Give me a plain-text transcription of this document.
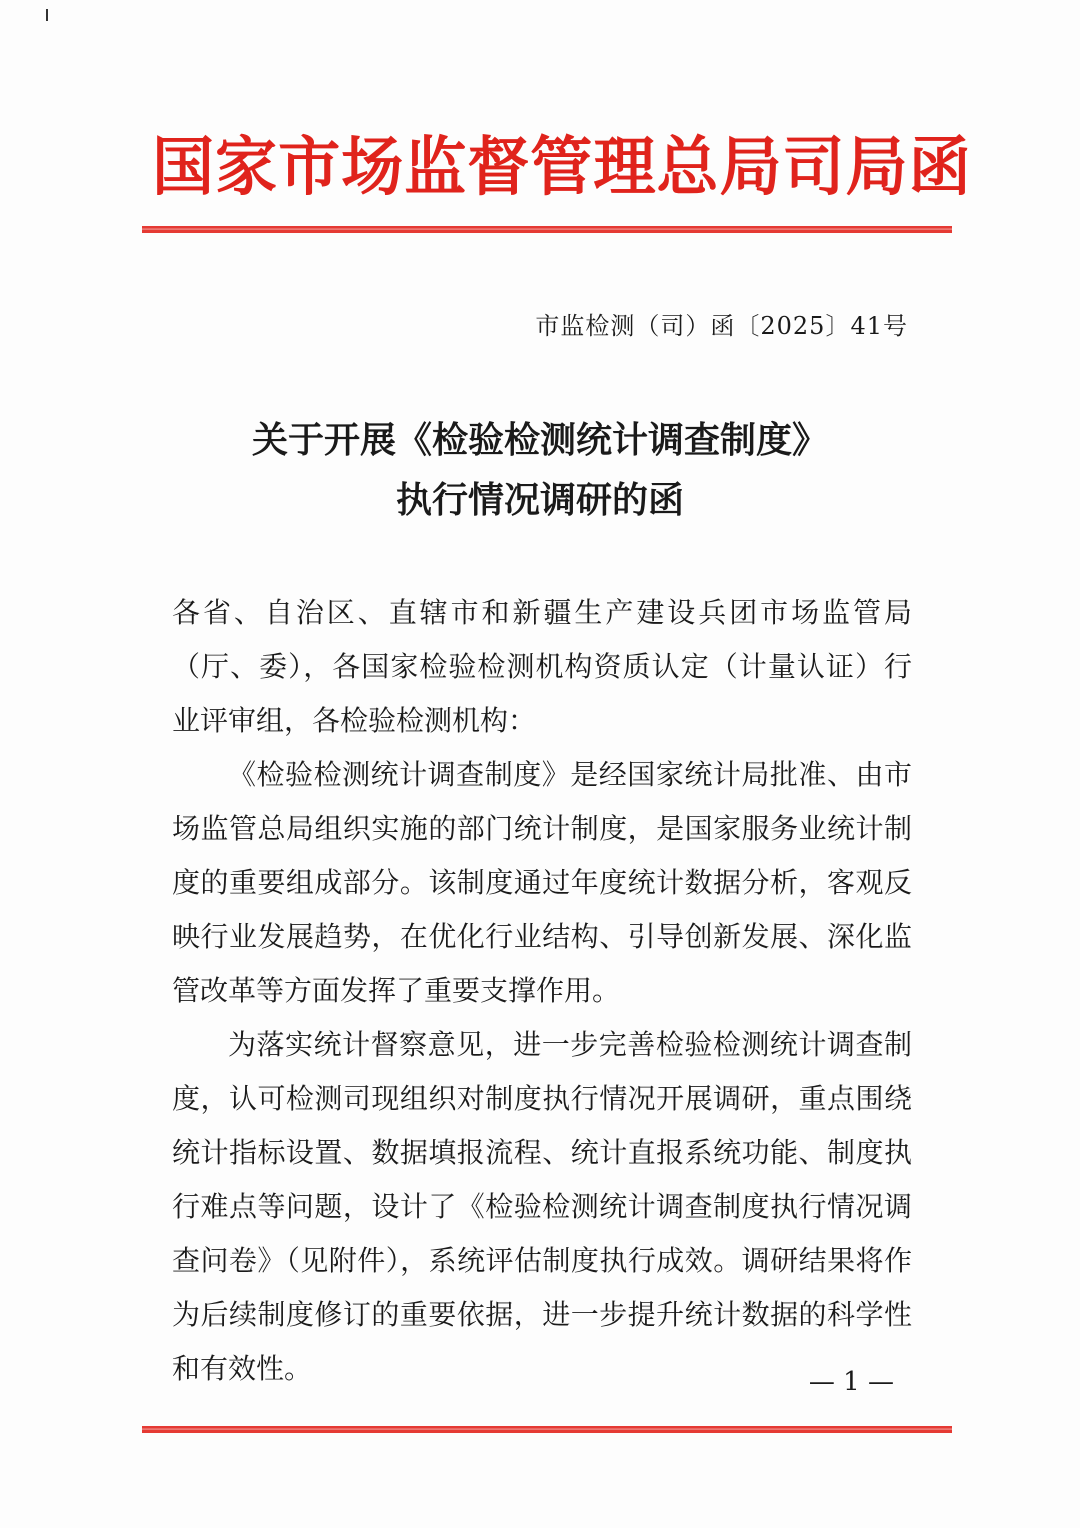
国家市场监督管理总局司局函
市监检测（司）函〔2025〕41号
关于开展《检验检测统计调查制度》
执行情况调研的函

各省、自治区、直辖市和新疆生产建设兵团市场监管局（厅、委），各国家检验检测机构资质认定（计量认证）行业评审组，各检验检测机构：

《检验检测统计调查制度》是经国家统计局批准、由市场监管总局组织实施的部门统计制度，是国家服务业统计制度的重要组成部分。该制度通过年度统计数据分析，客观反映行业发展趋势，在优化行业结构、引导创新发展、深化监管改革等方面发挥了重要支撑作用。

为落实统计督察意见，进一步完善检验检测统计调查制度，认可检测司现组织对制度执行情况开展调研，重点围绕统计指标设置、数据填报流程、统计直报系统功能、制度执行难点等问题，设计了《检验检测统计调查制度执行情况调查问卷》（见附件），系统评估制度执行成效。调研结果将作为后续制度修订的重要依据，进一步提升统计数据的科学性和有效性。	— 1 —
